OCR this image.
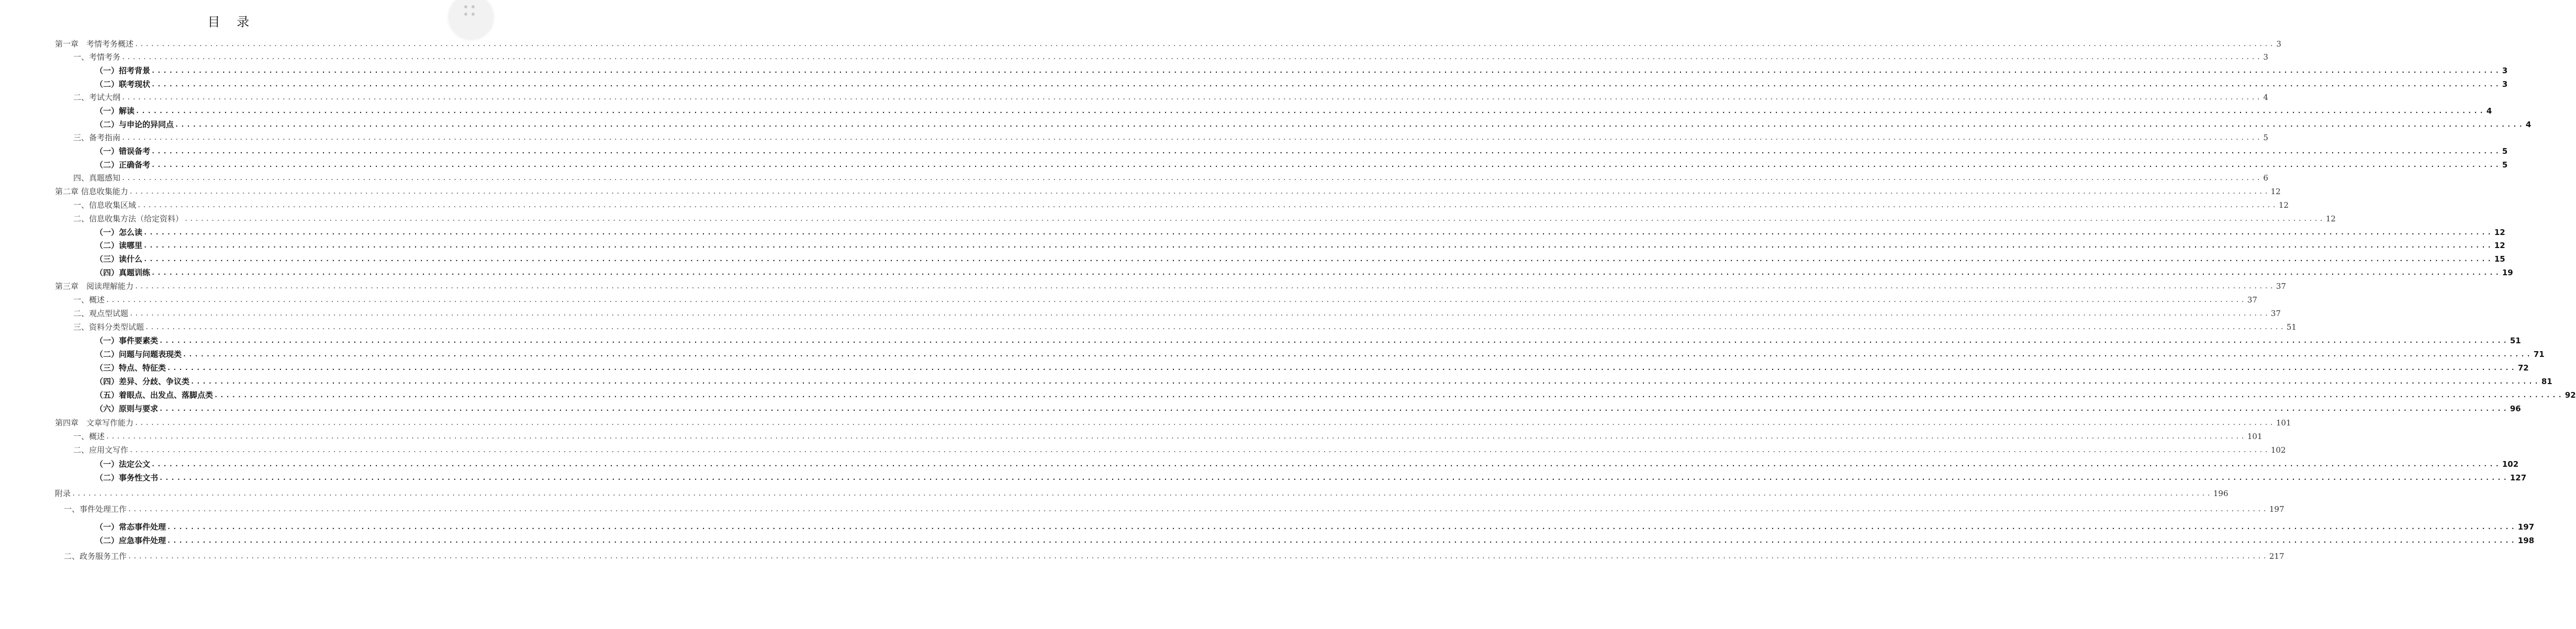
目 录
第一章　考情考务概述 ................................................................................................................................................................................................................................................................................................................................................................................................................ 3
一、考情考务 ................................................................................................................................................................................................................................................................................................................................................................................................................ 3
（一）招考背景 ................................................................................................................................................................................................................................................................................................................................................................................................................ 3
（二）联考现状 ................................................................................................................................................................................................................................................................................................................................................................................................................ 3
二、考试大纲 ................................................................................................................................................................................................................................................................................................................................................................................................................ 4
（一）解读 ................................................................................................................................................................................................................................................................................................................................................................................................................ 4
（二）与申论的异同点 ................................................................................................................................................................................................................................................................................................................................................................................................................ 4
三、备考指南 ................................................................................................................................................................................................................................................................................................................................................................................................................ 5
（一）错误备考 ................................................................................................................................................................................................................................................................................................................................................................................................................ 5
（二）正确备考 ................................................................................................................................................................................................................................................................................................................................................................................................................ 5
四、真题感知 ................................................................................................................................................................................................................................................................................................................................................................................................................ 6
第二章 信息收集能力 ................................................................................................................................................................................................................................................................................................................................................................................................................ 12
一、信息收集区域 ................................................................................................................................................................................................................................................................................................................................................................................................................ 12
二、信息收集方法（给定资料） ................................................................................................................................................................................................................................................................................................................................................................................................................ 12
（一）怎么读 ................................................................................................................................................................................................................................................................................................................................................................................................................ 12
（二）读哪里 ................................................................................................................................................................................................................................................................................................................................................................................................................ 12
（三）读什么 ................................................................................................................................................................................................................................................................................................................................................................................................................ 15
（四）真题训练 ................................................................................................................................................................................................................................................................................................................................................................................................................ 19
第三章　阅读理解能力 ................................................................................................................................................................................................................................................................................................................................................................................................................ 37
一、概述 ................................................................................................................................................................................................................................................................................................................................................................................................................ 37
二、观点型试题 ................................................................................................................................................................................................................................................................................................................................................................................................................ 37
三、资料分类型试题 ................................................................................................................................................................................................................................................................................................................................................................................................................ 51
（一）事件要素类 ................................................................................................................................................................................................................................................................................................................................................................................................................ 51
（二）问题与问题表现类 ................................................................................................................................................................................................................................................................................................................................................................................................................ 71
（三）特点、特征类 ................................................................................................................................................................................................................................................................................................................................................................................................................ 72
（四）差异、分歧、争议类 ................................................................................................................................................................................................................................................................................................................................................................................................................ 81
（五）着眼点、出发点、落脚点类 ................................................................................................................................................................................................................................................................................................................................................................................................................ 92
（六）原则与要求 ................................................................................................................................................................................................................................................................................................................................................................................................................ 96
第四章　文章写作能力 ................................................................................................................................................................................................................................................................................................................................................................................................................ 101
一、概述 ................................................................................................................................................................................................................................................................................................................................................................................................................ 101
二、应用文写作 ................................................................................................................................................................................................................................................................................................................................................................................................................ 102
（一）法定公文 ................................................................................................................................................................................................................................................................................................................................................................................................................ 102
（二）事务性文书 ................................................................................................................................................................................................................................................................................................................................................................................................................ 127
附录 ................................................................................................................................................................................................................................................................................................................................................................................................................ 196
一、事件处理工作 ................................................................................................................................................................................................................................................................................................................................................................................................................ 197
（一）常态事件处理 ................................................................................................................................................................................................................................................................................................................................................................................................................ 197
（二）应急事件处理 ................................................................................................................................................................................................................................................................................................................................................................................................................ 198
二、政务服务工作 ................................................................................................................................................................................................................................................................................................................................................................................................................ 217
